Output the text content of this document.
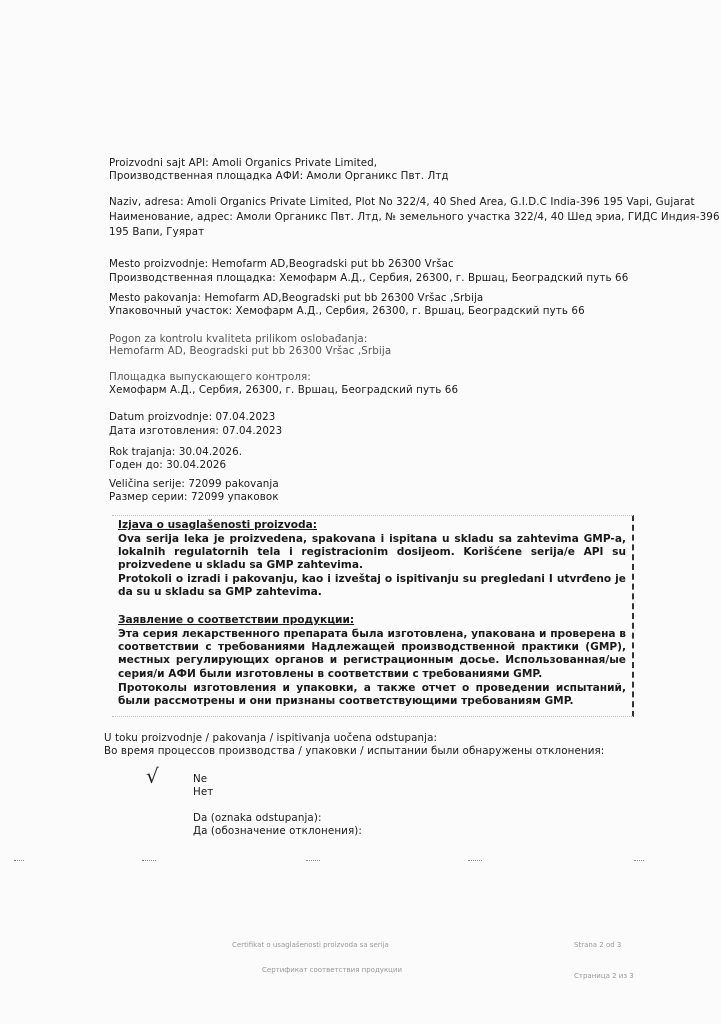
Proizvodni sajt API: Amoli Organics Private Limited,
Производственная площадка АФИ: Амоли Органикс Пвт. Лтд
Naziv, adresa: Amoli Organics Private Limited, Plot No 322/4, 40 Shed Area, G.I.D.C India-396 195 Vapi, Gujarat
Наименование, адрес: Амоли Органикс Пвт. Лтд, № земельного участка 322/4, 40 Шед эриа, ГИДС Индия-396
195 Вапи, Гуярат
Mesto proizvodnje: Hemofarm AD,Beogradski put bb 26300 Vršac
Производственная площадка: Хемофарм А.Д., Сербия, 26300, г. Вршац, Београдский путь 66
Mesto pakovanja: Hemofarm AD,Beogradski put bb 26300 Vršac ,Srbija
Упаковочный участок: Хемофарм А.Д., Сербия, 26300, г. Вршац, Београдский путь 66
Pogon za kontrolu kvaliteta prilikom oslobađanja:
Hemofarm AD, Beogradski put bb 26300 Vršac ,Srbija
Площадка выпускающего контроля:
Хемофарм А.Д., Сербия, 26300, г. Вршац, Београдский путь 66
Datum proizvodnje: 07.04.2023
Дата изготовления: 07.04.2023
Rok trajanja: 30.04.2026.
Годен до: 30.04.2026
Veličina serije: 72099 pakovanja
Размер серии: 72099 упаковок
Izjava o usaglašenosti proizvoda:
Ova serija leka je proizvedena, spakovana i ispitana u skladu sa zahtevima GMP-a, lokalnih regulatornih tela i registracionim dosijeom. Korišćene serija/e API su proizvedene u skladu sa GMP zahtevima.
Protokoli o izradi i pakovanju, kao i izveštaj o ispitivanju su pregledani I utvrđeno je da su u skladu sa GMP zahtevima.
Заявление о соответствии продукции:
Эта серия лекарственного препарата была изготовлена, упакована и проверена в соответствии с требованиями Надлежащей производственной практики (GMP), местных регулирующих органов и регистрационным досье. Использованная/ые серия/и АФИ были изготовлены в соответствии с требованиями GMP.
Протоколы изготовления и упаковки, а также отчет о проведении испытаний, были рассмотрены и они признаны соответствующими требованиям GMP.
U toku proizvodnje / pakovanja / ispitivanja uočena odstupanja:
Во время процессов производства / упаковки / испытании были обнаружены отклонения:
√	Ne
Нет
Da (oznaka odstupanja):
Да (обозначение отклонения):
Certifikat o usaglašenosti proizvoda sa serija	Strana 2 od 3
Сертификат соответствия продукции
Страница 2 из 3
